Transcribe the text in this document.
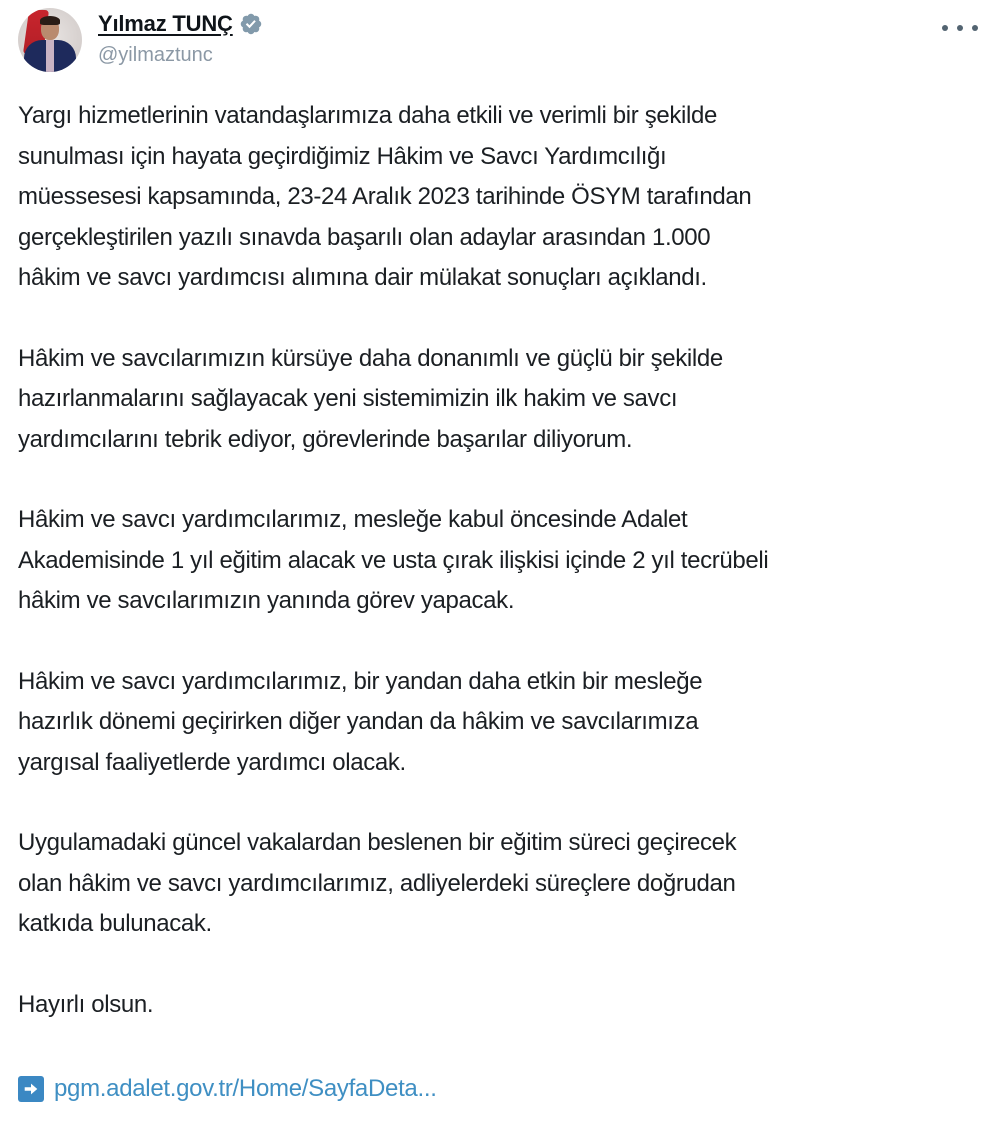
Yılmaz TUNÇ
@yilmaztunc

Yargı hizmetlerinin vatandaşlarımıza daha etkili ve verimli bir şekilde
sunulması için hayata geçirdiğimiz Hâkim ve Savcı Yardımcılığı
müessesesi kapsamında, 23-24 Aralık 2023 tarihinde ÖSYM tarafından
gerçekleştirilen yazılı sınavda başarılı olan adaylar arasından 1.000
hâkim ve savcı yardımcısı alımına dair mülakat sonuçları açıklandı.

Hâkim ve savcılarımızın kürsüye daha donanımlı ve güçlü bir şekilde
hazırlanmalarını sağlayacak yeni sistemimizin ilk hakim ve savcı
yardımcılarını tebrik ediyor, görevlerinde başarılar diliyorum.

Hâkim ve savcı yardımcılarımız, mesleğe kabul öncesinde Adalet
Akademisinde 1 yıl eğitim alacak ve usta çırak ilişkisi içinde 2 yıl tecrübeli
hâkim ve savcılarımızın yanında görev yapacak.

Hâkim ve savcı yardımcılarımız, bir yandan daha etkin bir mesleğe
hazırlık dönemi geçirirken diğer yandan da hâkim ve savcılarımıza
yargısal faaliyetlerde yardımcı olacak.

Uygulamadaki güncel vakalardan beslenen bir eğitim süreci geçirecek
olan hâkim ve savcı yardımcılarımız, adliyelerdeki süreçlere doğrudan
katkıda bulunacak.

Hayırlı olsun.

pgm.adalet.gov.tr/Home/SayfaDeta...
